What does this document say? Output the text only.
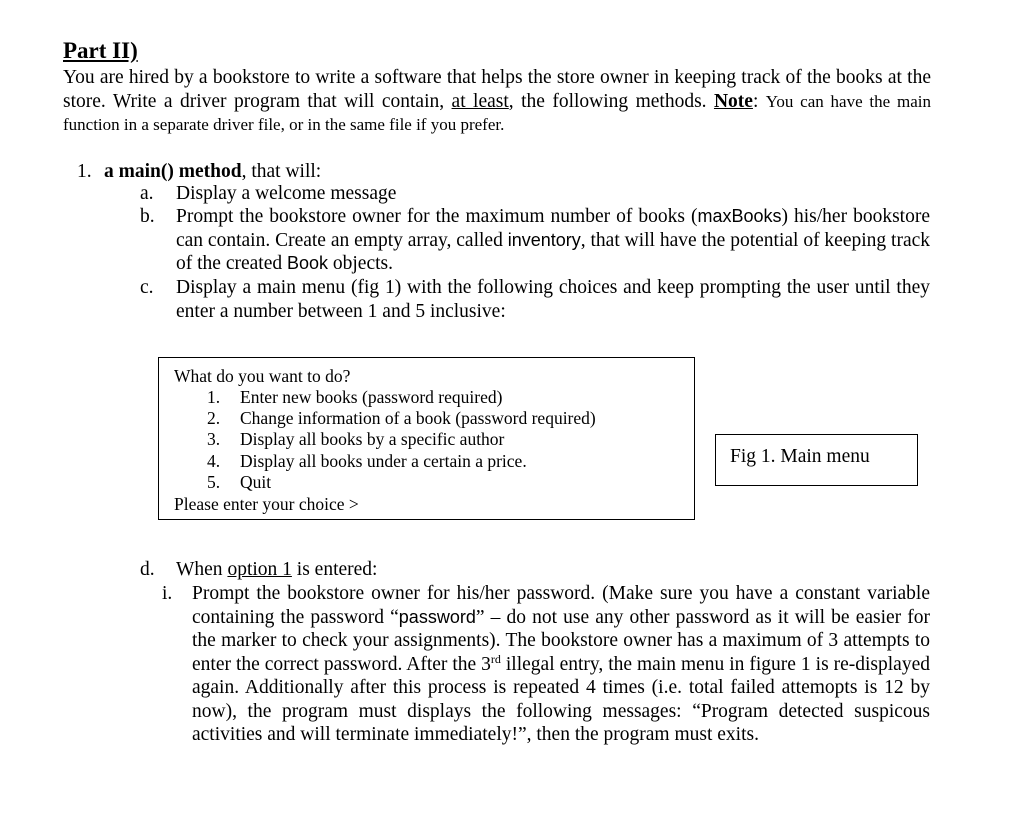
Part II)
You are hired by a bookstore to write a software that helps the store owner in keeping track of the books at the store. Write a driver program that will contain, at least, the following methods. Note: You can have the main function in a separate driver file, or in the same file if you prefer.
1. a main() method, that will:
a. Display a welcome message
b. Prompt the bookstore owner for the maximum number of books (maxBooks) his/her bookstore can contain. Create an empty array, called inventory, that will have the potential of keeping track of the created Book objects.
c. Display a main menu (fig 1) with the following choices and keep prompting the user until they enter a number between 1 and 5 inclusive:
What do you want to do?
1.	Enter new books (password required)
2.	Change information of a book (password required)
3.	Display all books by a specific author
4.	Display all books under a certain a price.
5.	Quit
Please enter your choice >
Fig 1. Main menu
d. When option 1 is entered:
i. Prompt the bookstore owner for his/her password. (Make sure you have a constant variable containing the password “password” – do not use any other password as it will be easier for the marker to check your assignments). The bookstore owner has a maximum of 3 attempts to enter the correct password. After the 3rd illegal entry, the main menu in figure 1 is re-displayed again. Additionally after this process is repeated 4 times (i.e. total failed attemopts is 12 by now), the program must displays the following messages: “Program detected suspicous activities and will terminate immediately!”, then the program must exits.
